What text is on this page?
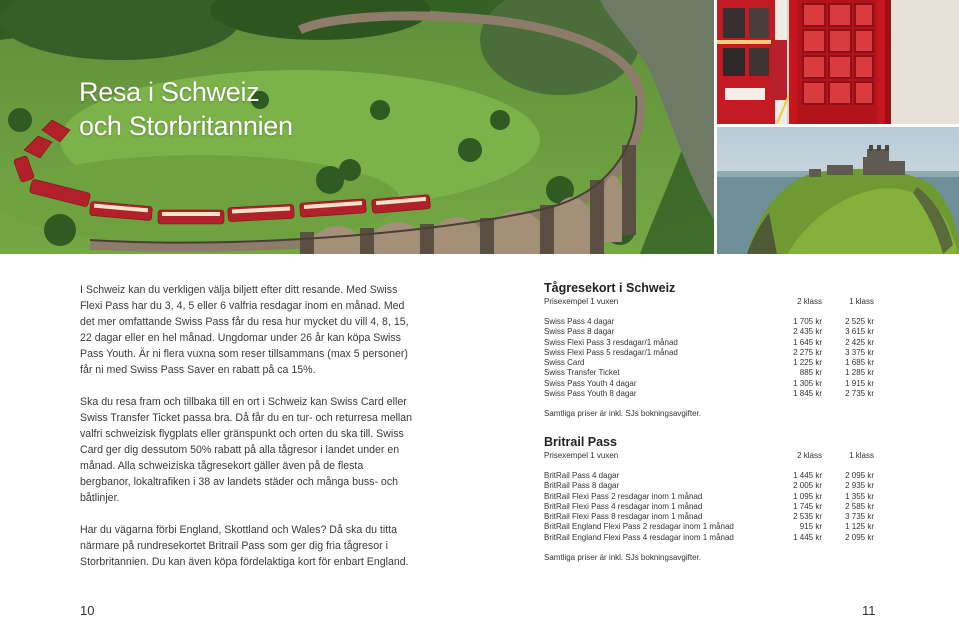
Resa i Schweiz
och Storbritannien

I Schweiz kan du verkligen välja biljett efter ditt resande. Med Swiss Flexi Pass har du 3, 4, 5 eller 6 valfria resdagar inom en månad. Med det mer omfattande Swiss Pass får du resa hur mycket du vill 4, 8, 15, 22 dagar eller en hel månad. Ungdomar under 26 år kan köpa Swiss Pass Youth. Är ni flera vuxna som reser tillsammans (max 5 personer) får ni med Swiss Pass Saver en rabatt på ca 15%.

Ska du resa fram och tillbaka till en ort i Schweiz kan Swiss Card eller Swiss Transfer Ticket passa bra. Då får du en tur- och returresa mellan valfri schweizisk flygplats eller gränspunkt och orten du ska till. Swiss Card ger dig dessutom 50% rabatt på alla tågresor i landet under en månad. Alla schweiziska tågresekort gäller även på de flesta bergbanor, lokaltrafiken i 38 av landets städer och många buss- och båtlinjer.

Har du vägarna förbi England, Skottland och Wales? Då ska du titta närmare på rundresekortet Britrail Pass som ger dig fria tågresor i Storbritannien. Du kan även köpa fördelaktiga kort för enbart England.

Tågresekort i Schweiz
Prisexempel 1 vuxen	2 klass	1 klass
Swiss Pass 4 dagar	1 705 kr	2 525 kr
Swiss Pass 8 dagar	2 435 kr	3 615 kr
Swiss Flexi Pass 3 resdagar/1 månad	1 645 kr	2 425 kr
Swiss Flexi Pass 5 resdagar/1 månad	2 275 kr	3 375 kr
Swiss Card	1 225 kr	1 685 kr
Swiss Transfer Ticket	885 kr	1 285 kr
Swiss Pass Youth 4 dagar	1 305 kr	1 915 kr
Swiss Pass Youth 8 dagar	1 845 kr	2 735 kr
Samtliga priser är inkl. SJs bokningsavgifter.
Britrail Pass
Prisexempel 1 vuxen	2 klass	1 klass
BritRail Pass 4 dagar	1 445 kr	2 095 kr
BritRail Pass 8 dagar	2 005 kr	2 935 kr
BritRail Flexi Pass 2 resdagar inom 1 månad	1 095 kr	1 355 kr
BritRail Flexi Pass 4 resdagar inom 1 månad	1 745 kr	2 585 kr
BritRail Flexi Pass 8 resdagar inom 1 månad	2 535 kr	3 735 kr
BritRail England Flexi Pass 2 resdagar inom 1 månad	915 kr	1 125 kr
BritRail England Flexi Pass 4 resdagar inom 1 månad	1 445 kr	2 095 kr
Samtliga priser är inkl. SJs bokningsavgifter.
10	11
